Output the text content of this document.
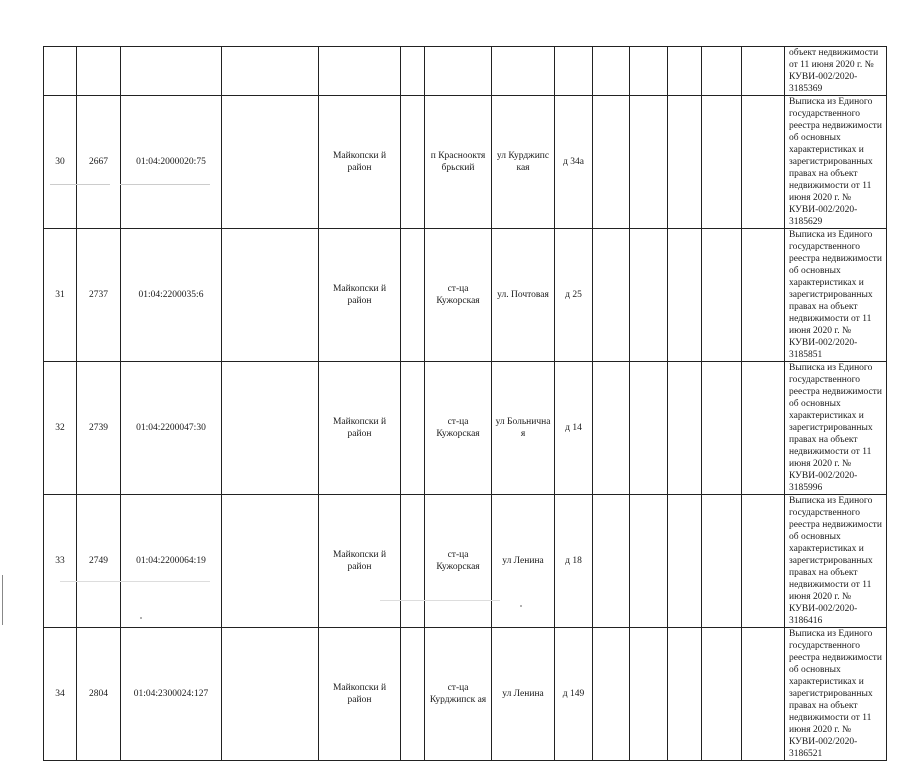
														объект недвижимости от 11 июня 2020 г. № КУВИ-002/2020-3185369
30	2667	01:04:2000020:75		Майкопски й район		п Краснооктя брьский	ул Курджипс кая	д 34а						Выписка из Единого государственного реестра недвижимости об основных характеристиках и зарегистрированных правах на объект недвижимости от 11 июня 2020 г. № КУВИ-002/2020-3185629
31	2737	01:04:2200035:6		Майкопски й район		ст-ца Кужорская	ул. Почтовая	д 25						Выписка из Единого государственного реестра недвижимости об основных характеристиках и зарегистрированных правах на объект недвижимости от 11 июня 2020 г. № КУВИ-002/2020-3185851
32	2739	01:04:2200047:30		Майкопски й район		ст-ца Кужорская	ул Больнична я	д 14						Выписка из Единого государственного реестра недвижимости об основных характеристиках и зарегистрированных правах на объект недвижимости от 11 июня 2020 г. № КУВИ-002/2020-3185996
33	2749	01:04:2200064:19		Майкопски й район		ст-ца Кужорская	ул Ленина	д 18						Выписка из Единого государственного реестра недвижимости об основных характеристиках и зарегистрированных правах на объект недвижимости от 11 июня 2020 г. № КУВИ-002/2020-3186416
34	2804	01:04:2300024:127		Майкопски й район		ст-ца Курджипск ая	ул Ленина	д 149						Выписка из Единого государственного реестра недвижимости об основных характеристиках и зарегистрированных правах на объект недвижимости от 11 июня 2020 г. № КУВИ-002/2020-3186521
